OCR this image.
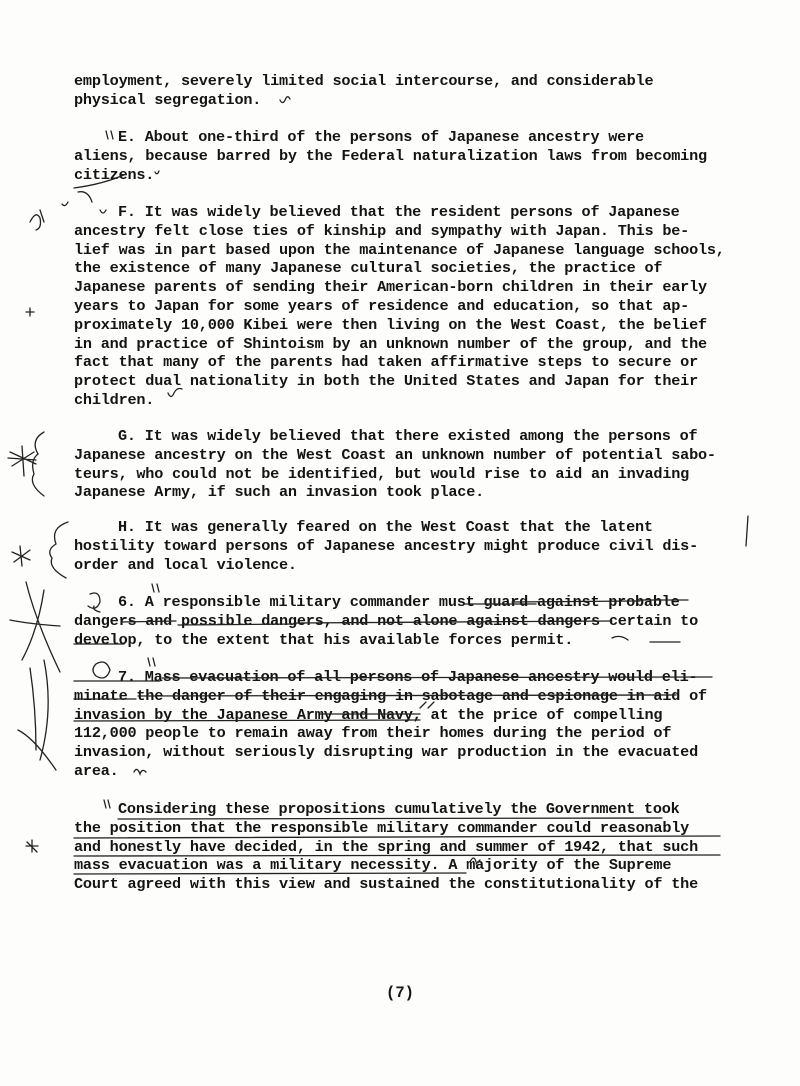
employment, severely limited social intercourse, and considerable
physical segregation.
E. About one-third of the persons of Japanese ancestry were
aliens, because barred by the Federal naturalization laws from becoming
citizens.
F. It was widely believed that the resident persons of Japanese
ancestry felt close ties of kinship and sympathy with Japan. This be-
lief was in part based upon the maintenance of Japanese language schools,
the existence of many Japanese cultural societies, the practice of
Japanese parents of sending their American-born children in their early
years to Japan for some years of residence and education, so that ap-
proximately 10,000 Kibei were then living on the West Coast, the belief
in and practice of Shintoism by an unknown number of the group, and the
fact that many of the parents had taken affirmative steps to secure or
protect dual nationality in both the United States and Japan for their
children.
G. It was widely believed that there existed among the persons of
Japanese ancestry on the West Coast an unknown number of potential sabo-
teurs, who could not be identified, but would rise to aid an invading
Japanese Army, if such an invasion took place.
H. It was generally feared on the West Coast that the latent
hostility toward persons of Japanese ancestry might produce civil dis-
order and local violence.
6. A responsible military commander must guard against probable
dangers and possible dangers, and not alone against dangers certain to
develop, to the extent that his available forces permit.
7. Mass evacuation of all persons of Japanese ancestry would eli-
minate the danger of their engaging in sabotage and espionage in aid of
invasion by the Japanese Army and Navy, at the price of compelling
112,000 people to remain away from their homes during the period of
invasion, without seriously disrupting war production in the evacuated
area.
Considering these propositions cumulatively the Government took
the position that the responsible military commander could reasonably
and honestly have decided, in the spring and summer of 1942, that such
mass evacuation was a military necessity. A majority of the Supreme
Court agreed with this view and sustained the constitutionality of the
(7)
